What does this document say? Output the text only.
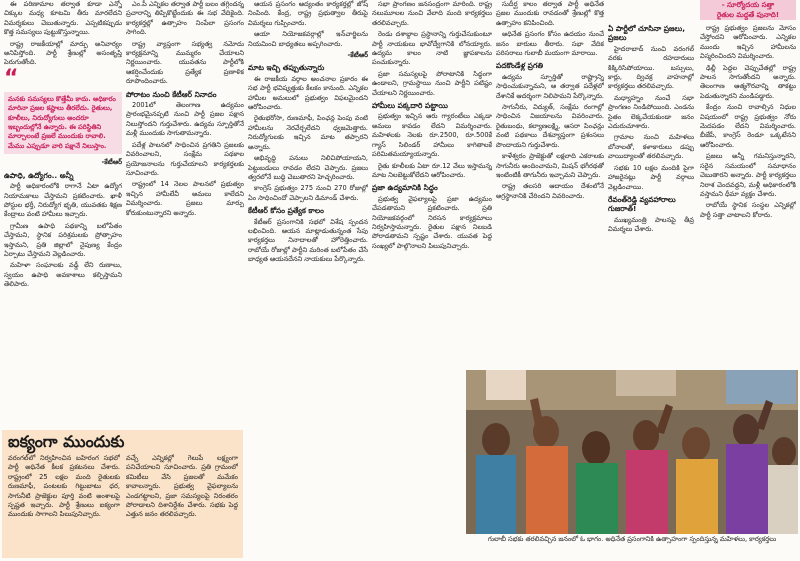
- సూర్యోదయ సత్తా
రైతుల మద్దతే పునాది!

ఈ పరిణామాల తర్వాత కూడా ఎన్నో చిక్కుల మధ్య కూటమి తీరు మారలేదని విమర్శకులు చెబుతున్నారు. ఎప్పటికప్పుడు కొత్త సమస్యలు పుట్టుకొస్తున్నాయి.

రాష్ట్ర రాజకీయాల్లో మార్పు అనివార్యం అనిపిస్తోంది. పార్టీ శ్రేణుల్లో అసంతృప్తి పెరుగుతోంది.

“
మనకు సమస్యలు కొత్తేమీ కాదు. అధికారం మారినా ప్రజల కష్టాలు తీరలేదు. రైతులు, కూలీలు, నిరుద్యోగులు అందరూ ఇబ్బందుల్లోనే ఉన్నారు. ఈ పరిస్థితిని మార్చాలంటే ప్రజలే ముందుకు రావాలి. మేము ఎప్పుడూ వారి పక్షానే నిలుస్తాం.
-కేటీఆర్
ఉపాధి, ఉద్యోగం.. అన్నీ

పార్టీ అధికారంలోకి రాగానే ఏటా ఉద్యోగ నియామకాలు చేస్తామని ప్రకటించారు. ఖాళీ పోస్టుల భర్తీ, నిరుద్యోగ భృతి, యువతకు శిక్షణ కేంద్రాలు వంటి హామీలు ఇచ్చారు.

గ్రామీణ ఉపాధి పథకాన్ని బలోపేతం చేస్తామని, స్థానిక పరిశ్రమలకు ప్రోత్సాహం ఇస్తామని, ప్రతి జిల్లాలో నైపుణ్య కేంద్రం ఏర్పాటు చేస్తామని వెల్లడించారు.

మహిళా సంఘాలకు వడ్డీ లేని రుణాలు, స్వయం ఉపాధి అవకాశాలు కల్పిస్తామని తెలిపారు.

ఐక్యంగా ముందుకు
వరంగల్‌లో నిర్వహించిన బహిరంగ సభలో పార్టీ అధినేత కీలక ప్రకటనలు చేశారు. రాష్ట్రంలో 25 లక్షల మంది రైతులకు రుణమాఫీ, పంటలకు గిట్టుబాటు ధర, సాగునీటి ప్రాజెక్టుల పూర్తి వంటి అంశాలపై స్పష్టత ఇచ్చారు. పార్టీ శ్రేణులు ఐక్యంగా ముందుకు సాగాలని పిలుపునిచ్చారు.
వచ్చే ఎన్నికల్లో గెలుపే లక్ష్యంగా పనిచేయాలని సూచించారు. ప్రతి గ్రామంలో కమిటీలు వేసి ప్రజలతో మమేకం కావాలన్నారు. ప్రభుత్వ వైఫల్యాలను ఎండగట్టాలని, ప్రజా సమస్యలపై నిరంతరం పోరాడాలని దిశానిర్దేశం చేశారు. సభకు పెద్ద ఎత్తున జనం తరలివచ్చారు.

ఎం.పీ ఎన్నికల తర్వాత పార్టీ బలం తగ్గిందన్న ప్రచారాన్ని తిప్పికొట్టేందుకు ఈ సభ వేదికైంది. కార్యకర్తల్లో ఉత్సాహం నింపేలా ప్రసంగం సాగింది.

రాష్ట్ర వ్యాప్తంగా సభ్యత్వ నమోదు కార్యక్రమాన్ని ముమ్మరం చేయాలని నిర్ణయించారు. యువతను పార్టీలోకి ఆకర్షించేందుకు ప్రత్యేక ప్రణాళిక రూపొందించారు.

పోరాటం నుంచి కేటీఆర్ నినాదం

2001లో తెలంగాణ ఉద్యమం ప్రారంభమైనప్పటి నుంచి పార్టీ ప్రజల పక్షాన నిలుస్తోందని గుర్తుచేశారు. ఉద్యమ స్ఫూర్తితోనే మళ్లీ ముందుకు సాగుతామన్నారు.

పదేళ్ల పాలనలో సాధించిన ప్రగతిని ప్రజలకు వివరించాలని, సంక్షేమ పథకాల ప్రయోజనాలను గుర్తుచేయాలని కార్యకర్తలకు సూచించారు.

రాష్ట్రంలో 14 నెలల పాలనలో ప్రభుత్వం ఇచ్చిన హామీలేవీ అమలు కాలేదని విమర్శించారు. ప్రజలు మార్పు కోరుకుంటున్నారని అన్నారు.

ఆయన ప్రసంగం ఆద్యంతం కార్యకర్తల్లో జోష్ నింపింది. కేంద్ర, రాష్ట్ర ప్రభుత్వాల తీరుపై విమర్శలు గుప్పించారు.

ఆయా నియోజకవర్గాల్లో ఇన్‌చార్జిలను నియమించి బాధ్యతలు అప్పగించారు.

-కేటీఆర్
మాట ఇచ్చి తప్పుతున్నారు

ఈ రాజకీయ వర్గాల అంచనాల ప్రకారం ఈ సభ పార్టీ భవిష్యత్తుకు కీలకం కానుంది. ఎన్నికల హామీల అమలులో ప్రభుత్వం విఫలమైందని ఆరోపించారు.

రైతుభరోసా, రుణమాఫీ, పింఛన్ల పెంపు వంటి హామీలను నెరవేర్చలేదని ధ్వజమెత్తారు. నిరుద్యోగులకు ఇచ్చిన మాట తప్పారని అన్నారు.

అభివృద్ధి పనులు నిలిచిపోయాయని, పెట్టుబడులు రావడం లేదని చెప్పారు. ప్రజలు త్వరలోనే బుద్ధి చెబుతారని హెచ్చరించారు.

కాంగ్రెస్ ప్రభుత్వం 275 నుంచి 270 రోజుల్లో ఏం సాధించిందో చెప్పాలని డిమాండ్ చేశారు.

కేటీఆర్ కోసం ప్రత్యేక కాలం

కేటీఆర్ ప్రసంగానికి సభలో విశేష స్పందన లభించింది. ఆయన మాట్లాడుతున్నంత సేపు కార్యకర్తలు నినాదాలతో హోరెత్తించారు. రాబోయే రోజుల్లో పార్టీని మరింత బలోపేతం చేసే బాధ్యత ఆయనదేనని నాయకులు పేర్కొన్నారు.

సభా ప్రాంగణం జనసంద్రంగా మారింది. రాష్ట్ర నలుమూలల నుంచి వేలాది మంది కార్యకర్తలు తరలివచ్చారు.

రెండు దశాబ్దాల ప్రస్థానాన్ని గుర్తుచేసుకుంటూ పార్టీ నాయకులు భావోద్వేగానికి లోనయ్యారు. ఉద్యమ కాలం నాటి జ్ఞాపకాలను పంచుకున్నారు.

ప్రజా సమస్యలపై పోరాటానికి సిద్ధంగా ఉండాలని, గ్రామస్థాయి నుంచి పార్టీని పటిష్టం చేయాలని నిర్ణయించారు.

హామీలు పక్కదారి పట్టాయి

ప్రభుత్వం ఇచ్చిన ఆరు గ్యారంటీలు ఎక్కడా అమలు కావడం లేదని విమర్శించారు. మహిళలకు నెలకు రూ.2500, రూ.500కే గ్యాస్ సిలిండర్ హామీలు కాగితాలకే పరిమితమయ్యాయన్నారు.

రైతు కూలీలకు ఏటా రూ.12 వేలు ఇస్తామన్న మాట నిలబెట్టుకోలేదని ఆరోపించారు.

ప్రజా ఉద్యమానికి సిద్ధం

ప్రభుత్వ వైఫల్యాలపై ప్రజా ఉద్యమం చేపడతామని ప్రకటించారు. ప్రతి నియోజకవర్గంలో నిరసన కార్యక్రమాలు నిర్వహిస్తామన్నారు. రైతుల పక్షాన నిలబడి పోరాడతామని స్పష్టం చేశారు. యువత పెద్ద సంఖ్యలో పాల్గొనాలని పిలుపునిచ్చారు.

సుదీర్ఘ కాలం తర్వాత పార్టీ అధినేత ప్రజల ముందుకు రావడంతో శ్రేణుల్లో కొత్త ఉత్సాహం కనిపించింది.

అధినేత ప్రసంగం కోసం ఉదయం నుంచే జనం బారులు తీరారు. సభా వేదిక పరిసరాలు గులాబీ మయంగా మారాయి.

పదకొండేళ్ల ప్రగతి

ఉద్యమ స్ఫూర్తితో రాష్ట్రాన్ని సాధించుకున్నామని, ఆ తర్వాత పదేళ్లలో దేశానికే ఆదర్శంగా నిలిపామని పేర్కొన్నారు.

సాగునీరు, విద్యుత్, సంక్షేమ రంగాల్లో సాధించిన విజయాలను వివరించారు. రైతుబంధు, కల్యాణలక్ష్మి, ఆసరా పింఛన్లు వంటి పథకాలు దేశవ్యాప్తంగా ప్రశంసలు పొందాయని గుర్తుచేశారు.

కాళేశ్వరం ప్రాజెక్టుతో లక్షలాది ఎకరాలకు సాగునీరు అందించామని, మిషన్ భగీరథతో ఇంటింటికీ తాగునీరు ఇచ్చామని చెప్పారు.

రాష్ట్ర తలసరి ఆదాయం దేశంలోనే అగ్రస్థానానికి చేరిందని వివరించారు.

ఏ పార్టీలో చూసినా ప్రజలు, ప్రజలు

హైదరాబాద్ నుంచి వరంగల్ వరకు రహదారులు కిక్కిరిసిపోయాయి. బస్సులు, కార్లు, ద్విచక్ర వాహనాల్లో కార్యకర్తలు తరలివచ్చారు.

మధ్యాహ్నం నుంచే సభా ప్రాంగణం నిండిపోయింది. ఎండను సైతం లెక్కచేయకుండా జనం ఎదురుచూశారు.

గ్రామాల నుంచి మహిళలు బోనాలతో, కళాకారులు డప్పు వాయిద్యాలతో తరలివచ్చారు.

సభకు 10 లక్షల మందికి పైగా హాజరైనట్లు పార్టీ వర్గాలు వెల్లడించాయి.

రేవంత్‌రెడ్డి వ్యవహారాలు గుజరాత్!

ముఖ్యమంత్రి పాలనపై తీవ్ర విమర్శలు చేశారు.

రాష్ట్ర ప్రభుత్వం ప్రజలను మోసం చేస్తోందని ఆరోపించారు. ఎన్నికల ముందు ఇచ్చిన హామీలను విస్మరించిందని విమర్శించారు.

ఢిల్లీ పెద్దల చెప్పుచేతల్లో రాష్ట్ర పాలన సాగుతోందని అన్నారు. తెలంగాణ ఆత్మగౌరవాన్ని తాకట్టు పెడుతున్నారని మండిపడ్డారు.

కేంద్రం నుంచి రావాల్సిన నిధుల విషయంలో రాష్ట్ర ప్రభుత్వం నోరు మెదపడం లేదని విమర్శించారు. బీజేపీ, కాంగ్రెస్ రెండూ ఒక్కటేనని ఆరోపించారు.

ప్రజలు అన్నీ గమనిస్తున్నారని, సరైన సమయంలో సమాధానం చెబుతారని అన్నారు. పార్టీ కార్యకర్తలు నిరాశ చెందవద్దని, మళ్లీ అధికారంలోకి వస్తామని ధీమా వ్యక్తం చేశారు.

రాబోయే స్థానిక సంస్థల ఎన్నికల్లో పార్టీ సత్తా చాటాలని కోరారు.

గులాబీ సభకు తరలివచ్చిన జనంలో ఓ భాగం. అధినేత ప్రసంగానికి ఉత్సాహంగా స్పందిస్తున్న మహిళలు, కార్యకర్తలు
